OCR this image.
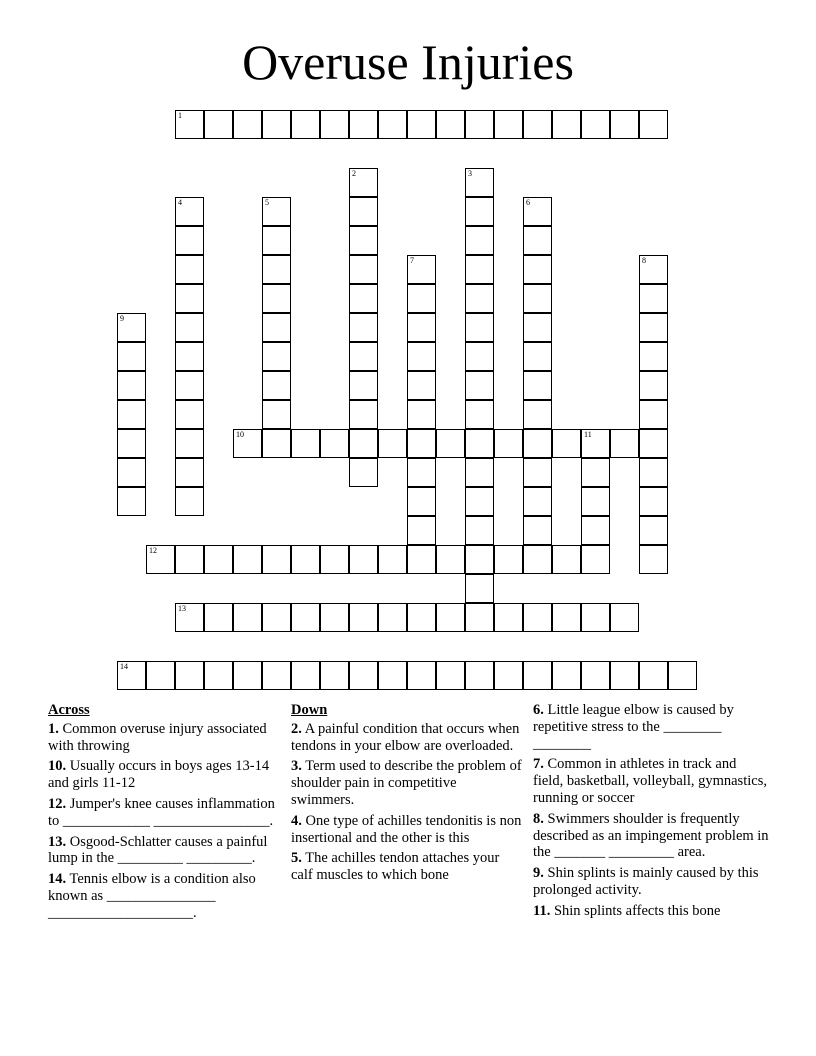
Overuse Injuries
1
2	3
4	5	6
7	8
9
10	11
12
13
14
Across
1. Common overuse injury associated with throwing
10. Usually occurs in boys ages 13-14 and girls 11-12
12. Jumper's knee causes inflammation to ____________ ________________.
13. Osgood-Schlatter causes a painful lump in the _________ _________.
14. Tennis elbow is a condition also known as _______________ ____________________.
Down
2. A painful condition that occurs when tendons in your elbow are overloaded.
3. Term used to describe the problem of shoulder pain in competitive swimmers.
4. One type of achilles tendonitis is non insertional and the other is this
5. The achilles tendon attaches your calf muscles to which bone
6. Little league elbow is caused by repetitive stress to the ________ ________
7. Common in athletes in track and field, basketball, volleyball, gymnastics, running or soccer
8. Swimmers shoulder is frequently described as an impingement problem in the _______ _________ area.
9. Shin splints is mainly caused by this prolonged activity.
11. Shin splints affects this bone
